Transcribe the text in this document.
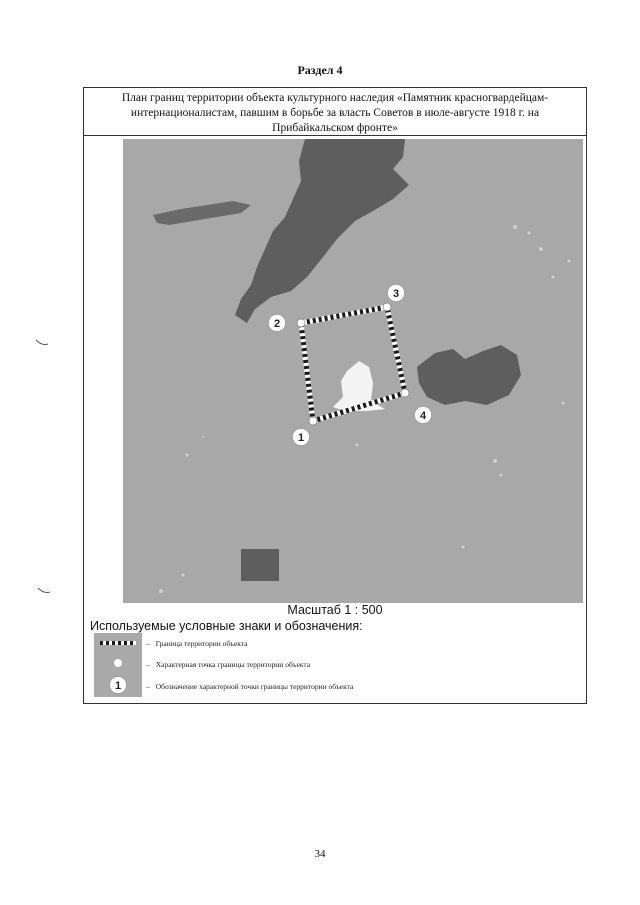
Раздел 4
План границ территории объекта культурного наследия «Памятник красногвардейцам-интернационалистам, павшим в борьбе за власть Советов в июле-августе 1918 г. на Прибайкальском фронте»
1
2
3
4
Масштаб 1 : 500
Используемые условные знаки и обозначения:
1
– Граница территории объекта
– Характерная точка границы территории объекта
– Обозначение характерной точки границы территории объекта
34
